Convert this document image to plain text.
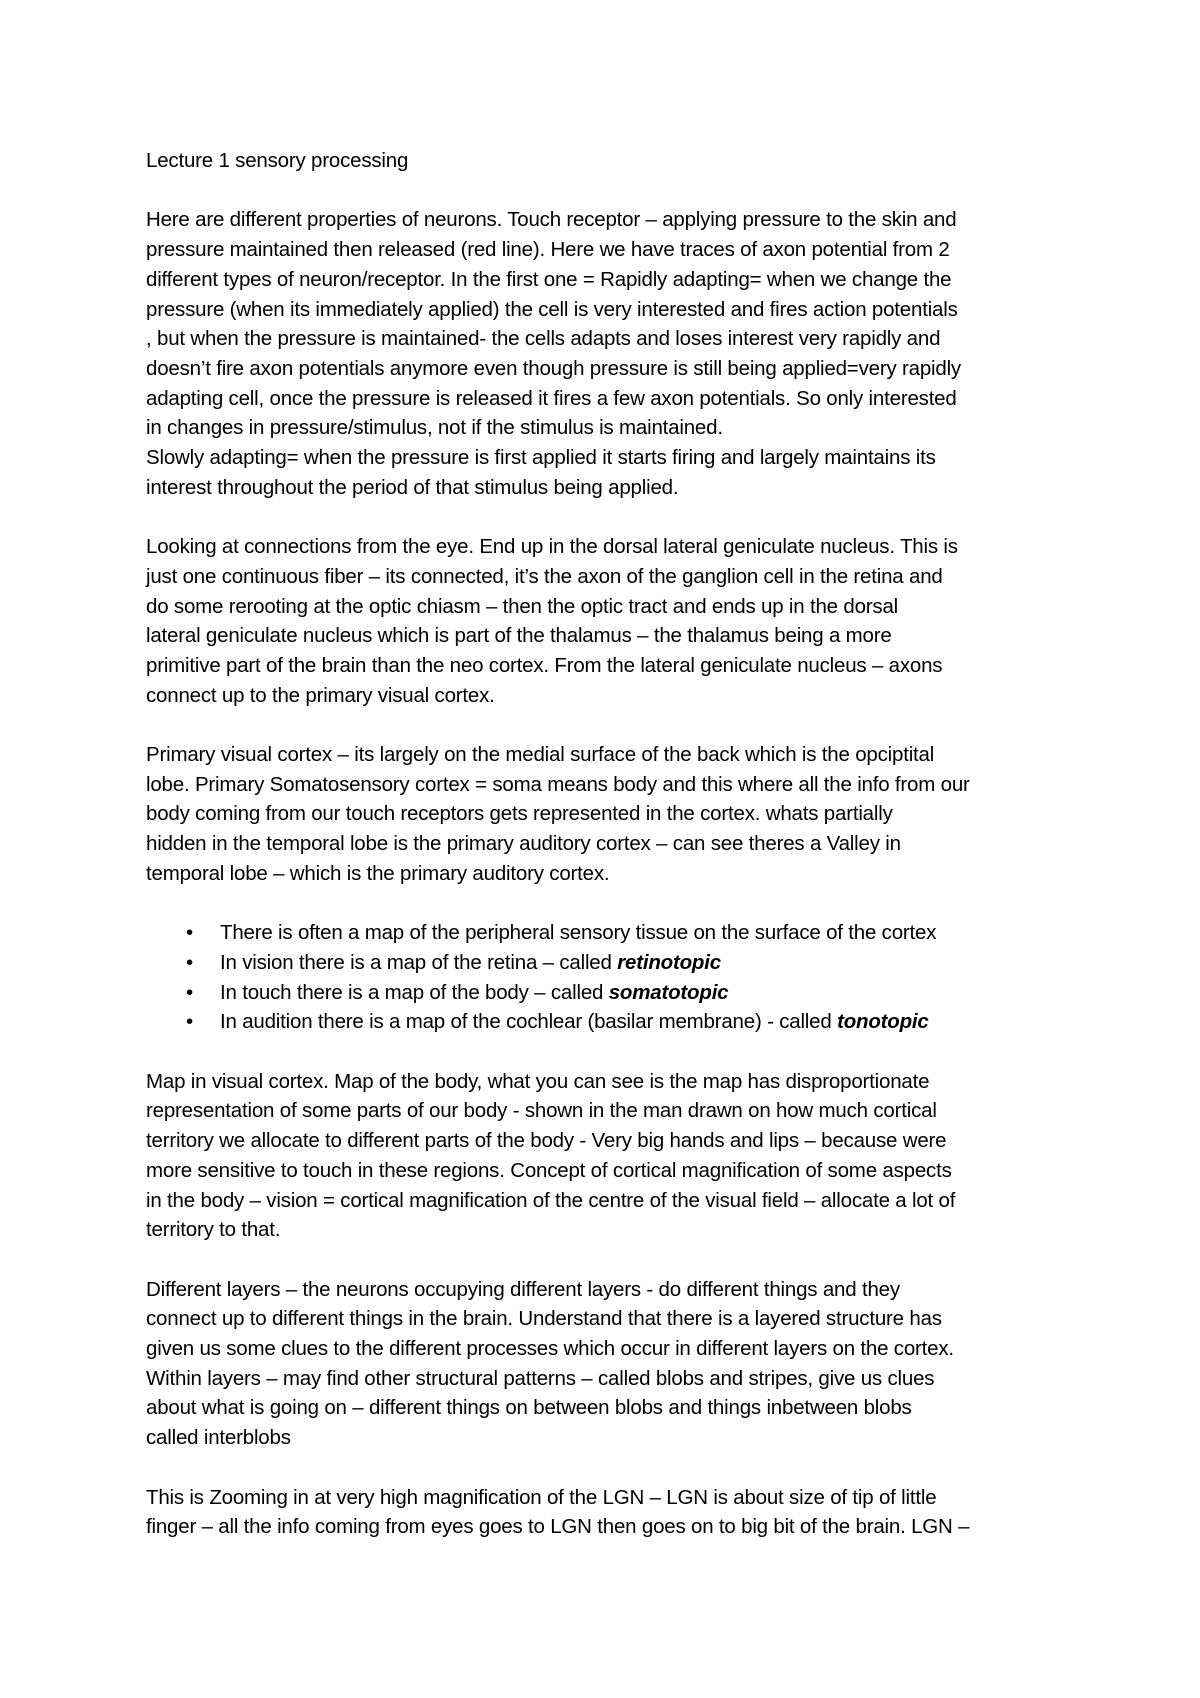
Lecture 1 sensory processing

Here are different properties of neurons. Touch receptor – applying pressure to the skin and
pressure maintained then released (red line). Here we have traces of axon potential from 2
different types of neuron/receptor. In the first one = Rapidly adapting= when we change the
pressure (when its immediately applied) the cell is very interested and fires action potentials
, but when the pressure is maintained- the cells adapts and loses interest very rapidly and
doesn’t fire axon potentials anymore even though pressure is still being applied=very rapidly
adapting cell, once the pressure is released it fires a few axon potentials. So only interested
in changes in pressure/stimulus, not if the stimulus is maintained.

Slowly adapting= when the pressure is first applied it starts firing and largely maintains its
interest throughout the period of that stimulus being applied.

Looking at connections from the eye. End up in the dorsal lateral geniculate nucleus. This is
just one continuous fiber – its connected, it’s the axon of the ganglion cell in the retina and
do some rerooting at the optic chiasm – then the optic tract and ends up in the dorsal
lateral geniculate nucleus which is part of the thalamus – the thalamus being a more
primitive part of the brain than the neo cortex. From the lateral geniculate nucleus – axons
connect up to the primary visual cortex.

Primary visual cortex – its largely on the medial surface of the back which is the opciptital
lobe. Primary Somatosensory cortex = soma means body and this where all the info from our
body coming from our touch receptors gets represented in the cortex. whats partially
hidden in the temporal lobe is the primary auditory cortex – can see theres a Valley in
temporal lobe – which is the primary auditory cortex.

• There is often a map of the peripheral sensory tissue on the surface of the cortex
• In vision there is a map of the retina – called retinotopic
• In touch there is a map of the body – called somatotopic
• In audition there is a map of the cochlear (basilar membrane) - called tonotopic

Map in visual cortex. Map of the body, what you can see is the map has disproportionate
representation of some parts of our body - shown in the man drawn on how much cortical
territory we allocate to different parts of the body - Very big hands and lips – because were
more sensitive to touch in these regions. Concept of cortical magnification of some aspects
in the body – vision = cortical magnification of the centre of the visual field – allocate a lot of
territory to that.

Different layers – the neurons occupying different layers - do different things and they
connect up to different things in the brain. Understand that there is a layered structure has
given us some clues to the different processes which occur in different layers on the cortex.
Within layers – may find other structural patterns – called blobs and stripes, give us clues
about what is going on – different things on between blobs and things inbetween blobs
called interblobs

This is Zooming in at very high magnification of the LGN – LGN is about size of tip of little
finger – all the info coming from eyes goes to LGN then goes on to big bit of the brain. LGN –
